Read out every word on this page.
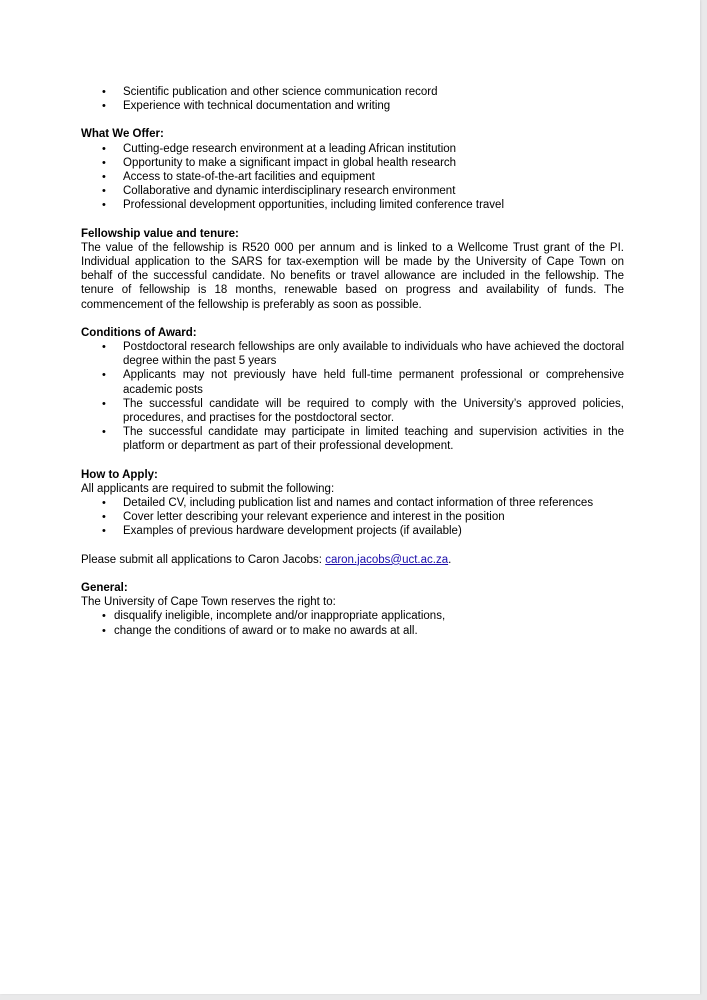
• Scientific publication and other science communication record
• Experience with technical documentation and writing

What We Offer:

• Cutting-edge research environment at a leading African institution
• Opportunity to make a significant impact in global health research
• Access to state-of-the-art facilities and equipment
• Collaborative and dynamic interdisciplinary research environment
• Professional development opportunities, including limited conference travel

Fellowship value and tenure:

The value of the fellowship is R520 000 per annum and is linked to a Wellcome Trust grant of the PI. Individual application to the SARS for tax-exemption will be made by the University of Cape Town on behalf of the successful candidate. No benefits or travel allowance are included in the fellowship. The tenure of fellowship is 18 months, renewable based on progress and availability of funds. The commencement of the fellowship is preferably as soon as possible.

Conditions of Award:

• Postdoctoral research fellowships are only available to individuals who have achieved the doctoral degree within the past 5 years
• Applicants may not previously have held full-time permanent professional or comprehensive academic posts
• The successful candidate will be required to comply with the University’s approved policies, procedures, and practises for the postdoctoral sector.
• The successful candidate may participate in limited teaching and supervision activities in the platform or department as part of their professional development.

How to Apply:

All applicants are required to submit the following:

• Detailed CV, including publication list and names and contact information of three references
• Cover letter describing your relevant experience and interest in the position
• Examples of previous hardware development projects (if available)

Please submit all applications to Caron Jacobs: caron.jacobs@uct.ac.za.

General:

The University of Cape Town reserves the right to:

• disqualify ineligible, incomplete and/or inappropriate applications,
• change the conditions of award or to make no awards at all.
